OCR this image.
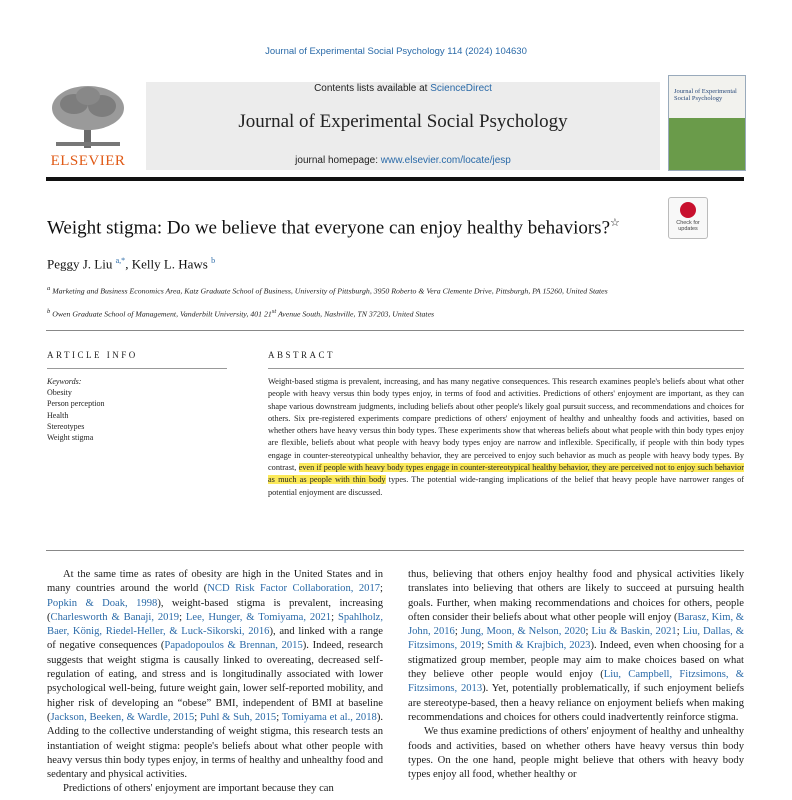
Journal of Experimental Social Psychology 114 (2024) 104630
ELSEVIER
Contents lists available at ScienceDirect
Journal of Experimental Social Psychology
journal homepage: www.elsevier.com/locate/jesp
Journal of Experimental Social Psychology
Weight stigma: Do we believe that everyone can enjoy healthy behaviors?☆	Check for updates
Peggy J. Liu $^{a,*}$, Kelly L. Haws $^b$
$^a$ Marketing and Business Economics Area, Katz Graduate School of Business, University of Pittsburgh, 3950 Roberto & Vera Clemente Drive, Pittsburgh, PA 15260, United States
$^b$ Owen Graduate School of Management, Vanderbilt University, 401 21st Avenue South, Nashville, TN 37203, United States
ARTICLE INFO	ABSTRACT
Keywords:
Obesity
Person perception
Health
Stereotypes
Weight stigma
Weight-based stigma is prevalent, increasing, and has many negative consequences. This research examines people's beliefs about what other people with heavy versus thin body types enjoy, in terms of food and activities. Predictions of others' enjoyment are important, as they can shape various downstream judgments, including beliefs about other people's likely goal pursuit success, and recommendations and choices for others. Six pre-registered experiments compare predictions of others' enjoyment of healthy and unhealthy foods and activities, based on whether others have heavy versus thin body types. These experiments show that whereas beliefs about what people with thin body types enjoy are flexible, beliefs about what people with heavy body types enjoy are narrow and inflexible. Specifically, if people with thin body types engage in counter-stereotypical unhealthy behavior, they are perceived to enjoy such behavior as much as people with heavy body types. By contrast, even if people with heavy body types engage in counter-stereotypical healthy behavior, they are perceived not to enjoy such behavior as much as people with thin body types. The potential wide-ranging implications of the belief that heavy people have narrower ranges of potential enjoyment are discussed.
At the same time as rates of obesity are high in the United States and in many countries around the world (NCD Risk Factor Collaboration, 2017; Popkin & Doak, 1998), weight-based stigma is prevalent, increasing (Charlesworth & Banaji, 2019; Lee, Hunger, & Tomiyama, 2021; Spahlholz, Baer, König, Riedel-Heller, & Luck-Sikorski, 2016), and linked with a range of negative consequences (Papadopoulos & Brennan, 2015). Indeed, research suggests that weight stigma is causally linked to overeating, decreased self-regulation of eating, and stress and is longitudinally associated with lower psychological well-being, future weight gain, lower self-reported mobility, and higher risk of developing an “obese” BMI, independent of BMI at baseline (Jackson, Beeken, & Wardle, 2015; Puhl & Suh, 2015; Tomiyama et al., 2018). Adding to the collective understanding of weight stigma, this research tests an instantiation of weight stigma: people's beliefs about what other people with heavy versus thin body types enjoy, in terms of healthy and unhealthy food and sedentary and physical activities.
Predictions of others' enjoyment are important because they can
thus, believing that others enjoy healthy food and physical activities likely translates into believing that others are likely to succeed at pursuing health goals. Further, when making recommendations and choices for others, people often consider their beliefs about what other people will enjoy (Barasz, Kim, & John, 2016; Jung, Moon, & Nelson, 2020; Liu & Baskin, 2021; Liu, Dallas, & Fitzsimons, 2019; Smith & Krajbich, 2023). Indeed, even when choosing for a stigmatized group member, people may aim to make choices based on what they believe other people would enjoy (Liu, Campbell, Fitzsimons, & Fitzsimons, 2013). Yet, potentially problematically, if such enjoyment beliefs are stereotype-based, then a heavy reliance on enjoyment beliefs when making recommendations and choices for others could inadvertently reinforce stigma.
We thus examine predictions of others' enjoyment of healthy and unhealthy foods and activities, based on whether others have heavy versus thin body types. On the one hand, people might believe that others with heavy body types enjoy all food, whether healthy or
